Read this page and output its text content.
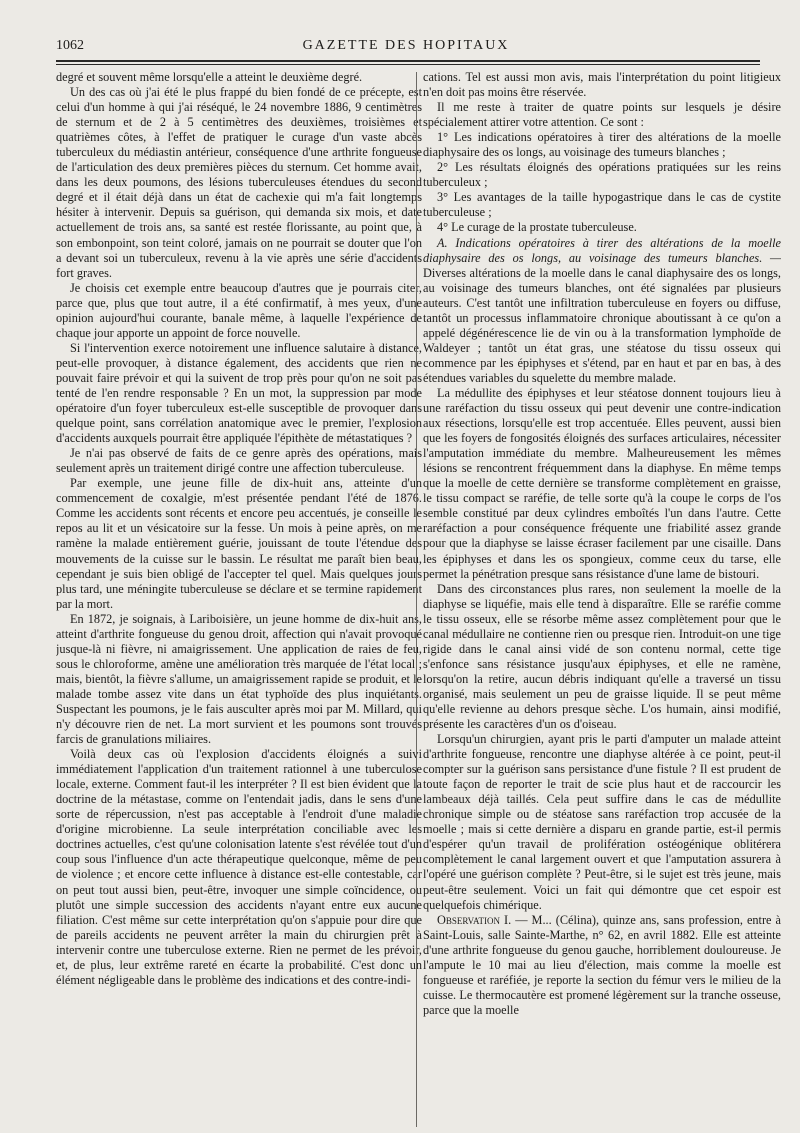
1062	GAZETTE DES HOPITAUX

degré et souvent même lorsqu'elle a atteint le deuxième degré.

Un des cas où j'ai été le plus frappé du bien fondé de ce précepte, est celui d'un homme à qui j'ai réséqué, le 24 novembre 1886, 9 centimètres de sternum et de 2 à 5 centimètres des deuxièmes, troisièmes et quatrièmes côtes, à l'effet de pratiquer le curage d'un vaste abcès tuberculeux du médiastin antérieur, conséquence d'une arthrite fongueuse de l'articulation des deux premières pièces du sternum. Cet homme avait, dans les deux poumons, des lésions tuberculeuses étendues du second degré et il était déjà dans un état de cachexie qui m'a fait longtemps hésiter à intervenir. Depuis sa guérison, qui demanda six mois, et date actuellement de trois ans, sa santé est restée florissante, au point que, à son embonpoint, son teint coloré, jamais on ne pourrait se douter que l'on a devant soi un tuberculeux, revenu à la vie après une série d'accidents fort graves.

Je choisis cet exemple entre beaucoup d'autres que je pourrais citer, parce que, plus que tout autre, il a été confirmatif, à mes yeux, d'une opinion aujourd'hui courante, banale même, à laquelle l'expérience de chaque jour apporte un appoint de force nouvelle.

Si l'intervention exerce notoirement une influence salutaire à distance, peut-elle provoquer, à distance également, des accidents que rien ne pouvait faire prévoir et qui la suivent de trop près pour qu'on ne soit pas tenté de l'en rendre responsable ? En un mot, la suppression par mode opératoire d'un foyer tuberculeux est-elle susceptible de provoquer dans quelque point, sans corrélation anatomique avec le premier, l'explosion d'accidents auxquels pourrait être appliquée l'épithète de métastatiques ?

Je n'ai pas observé de faits de ce genre après des opérations, mais seulement après un traitement dirigé contre une affection tuberculeuse.

Par exemple, une jeune fille de dix-huit ans, atteinte d'un commencement de coxalgie, m'est présentée pendant l'été de 1876. Comme les accidents sont récents et encore peu accentués, je conseille le repos au lit et un vésicatoire sur la fesse. Un mois à peine après, on me ramène la malade entièrement guérie, jouissant de toute l'étendue des mouvements de la cuisse sur le bassin. Le résultat me paraît bien beau, cependant je suis bien obligé de l'accepter tel quel. Mais quelques jours plus tard, une méningite tuberculeuse se déclare et se termine rapidement par la mort.

En 1872, je soignais, à Lariboisière, un jeune homme de dix-huit ans, atteint d'arthrite fongueuse du genou droit, affection qui n'avait provoqué jusque-là ni fièvre, ni amaigrissement. Une application de raies de feu, sous le chloroforme, amène une amélioration très marquée de l'état local ; mais, bientôt, la fièvre s'allume, un amaigrissement rapide se produit, et le malade tombe assez vite dans un état typhoïde des plus inquiétants. Suspectant les poumons, je le fais ausculter après moi par M. Millard, qui n'y découvre rien de net. La mort survient et les poumons sont trouvés farcis de granulations miliaires.

Voilà deux cas où l'explosion d'accidents éloignés a suivi immédiatement l'application d'un traitement rationnel à une tuberculose locale, externe. Comment faut-il les interpréter ? Il est bien évident que la doctrine de la métastase, comme on l'entendait jadis, dans le sens d'une sorte de répercussion, n'est pas acceptable à l'endroit d'une maladie d'origine microbienne. La seule interprétation conciliable avec les doctrines actuelles, c'est qu'une colonisation latente s'est révélée tout d'un coup sous l'influence d'un acte thérapeutique quelconque, même de peu de violence ; et encore cette influence à distance est-elle contestable, car on peut tout aussi bien, peut-être, invoquer une simple coïncidence, ou plutôt une simple succession des accidents n'ayant entre eux aucune filiation. C'est même sur cette interprétation qu'on s'appuie pour dire que de pareils accidents ne peuvent arrêter la main du chirurgien prêt à intervenir contre une tuberculose externe. Rien ne permet de les prévoir, et, de plus, leur extrême rareté en écarte la probabilité. C'est donc un élément négligeable dans le problème des indications et des contre-indi-

cations. Tel est aussi mon avis, mais l'interprétation du point litigieux n'en doit pas moins être réservée.

Il me reste à traiter de quatre points sur lesquels je désire spécialement attirer votre attention. Ce sont :

1° Les indications opératoires à tirer des altérations de la moelle diaphysaire des os longs, au voisinage des tumeurs blanches ;

2° Les résultats éloignés des opérations pratiquées sur les reins tuberculeux ;

3° Les avantages de la taille hypogastrique dans le cas de cystite tuberculeuse ;

4° Le curage de la prostate tuberculeuse.

A. Indications opératoires à tirer des altérations de la moelle diaphysaire des os longs, au voisinage des tumeurs blanches. — Diverses altérations de la moelle dans le canal diaphysaire des os longs, au voisinage des tumeurs blanches, ont été signalées par plusieurs auteurs. C'est tantôt une infiltration tuberculeuse en foyers ou diffuse, tantôt un processus inflammatoire chronique aboutissant à ce qu'on a appelé dégénérescence lie de vin ou à la transformation lymphoïde de Waldeyer ; tantôt un état gras, une stéatose du tissu osseux qui commence par les épiphyses et s'étend, par en haut et par en bas, à des étendues variables du squelette du membre malade.

La médullite des épiphyses et leur stéatose donnent toujours lieu à une raréfaction du tissu osseux qui peut devenir une contre-indication aux résections, lorsqu'elle est trop accentuée. Elles peuvent, aussi bien que les foyers de fongosités éloignés des surfaces articulaires, nécessiter l'amputation immédiate du membre. Malheureusement les mêmes lésions se rencontrent fréquemment dans la diaphyse. En même temps que la moelle de cette dernière se transforme complètement en graisse, le tissu compact se raréfie, de telle sorte qu'à la coupe le corps de l'os semble constitué par deux cylindres emboîtés l'un dans l'autre. Cette raréfaction a pour conséquence fréquente une friabilité assez grande pour que la diaphyse se laisse écraser facilement par une cisaille. Dans les épiphyses et dans les os spongieux, comme ceux du tarse, elle permet la pénétration presque sans résistance d'une lame de bistouri.

Dans des circonstances plus rares, non seulement la moelle de la diaphyse se liquéfie, mais elle tend à disparaître. Elle se raréfie comme le tissu osseux, elle se résorbe même assez complètement pour que le canal médullaire ne contienne rien ou presque rien. Introduit-on une tige rigide dans le canal ainsi vidé de son contenu normal, cette tige s'enfonce sans résistance jusqu'aux épiphyses, et elle ne ramène, lorsqu'on la retire, aucun débris indiquant qu'elle a traversé un tissu organisé, mais seulement un peu de graisse liquide. Il se peut même qu'elle revienne au dehors presque sèche. L'os humain, ainsi modifié, présente les caractères d'un os d'oiseau.

Lorsqu'un chirurgien, ayant pris le parti d'amputer un malade atteint d'arthrite fongueuse, rencontre une diaphyse altérée à ce point, peut-il compter sur la guérison sans persistance d'une fistule ? Il est prudent de toute façon de reporter le trait de scie plus haut et de raccourcir les lambeaux déjà taillés. Cela peut suffire dans le cas de médullite chronique simple ou de stéatose sans raréfaction trop accusée de la moelle ; mais si cette dernière a disparu en grande partie, est-il permis d'espérer qu'un travail de prolifération ostéogénique oblitérera complètement le canal largement ouvert et que l'amputation assurera à l'opéré une guérison complète ? Peut-être, si le sujet est très jeune, mais peut-être seulement. Voici un fait qui démontre que cet espoir est quelquefois chimérique.

Observation I. — M... (Célina), quinze ans, sans profession, entre à Saint-Louis, salle Sainte-Marthe, n° 62, en avril 1882. Elle est atteinte d'une arthrite fongueuse du genou gauche, horriblement douloureuse. Je l'ampute le 10 mai au lieu d'élection, mais comme la moelle est fongueuse et raréfiée, je reporte la section du fémur vers le milieu de la cuisse. Le thermocautère est promené légèrement sur la tranche osseuse, parce que la moelle
